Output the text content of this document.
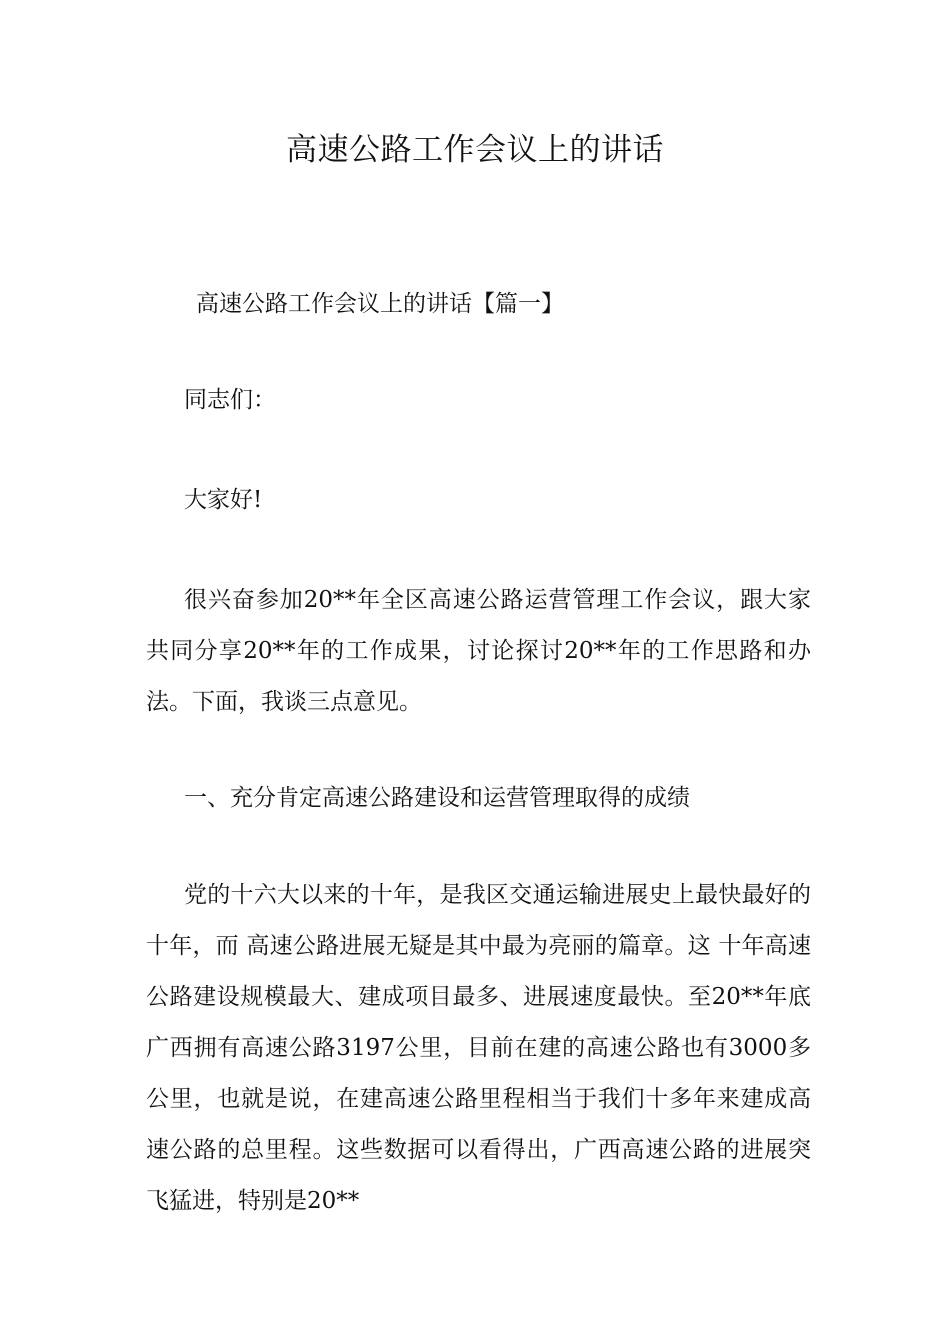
高速公路工作会议上的讲话

高速公路工作会议上的讲话【篇一】

同志们：

大家好!

很兴奋参加20**年全区高速公路运营管理工作会议，跟大家共同分享20**年的工作成果，讨论探讨20**年的工作思路和办法。下面，我谈三点意见。

一、充分肯定高速公路建设和运营管理取得的成绩

党的十六大以来的十年，是我区交通运输进展史上最快最好的十年，而 高速公路进展无疑是其中最为亮丽的篇章。这 十年高速公路建设规模最大、建成项目最多、进展速度最快。至20**年底广西拥有高速公路3197公里，目前在建的高速公路也有3000多公里，也就是说，在建高速公路里程相当于我们十多年来建成高速公路的总里程。这些数据可以看得出，广西高速公路的进展突飞猛进，特别是20**
